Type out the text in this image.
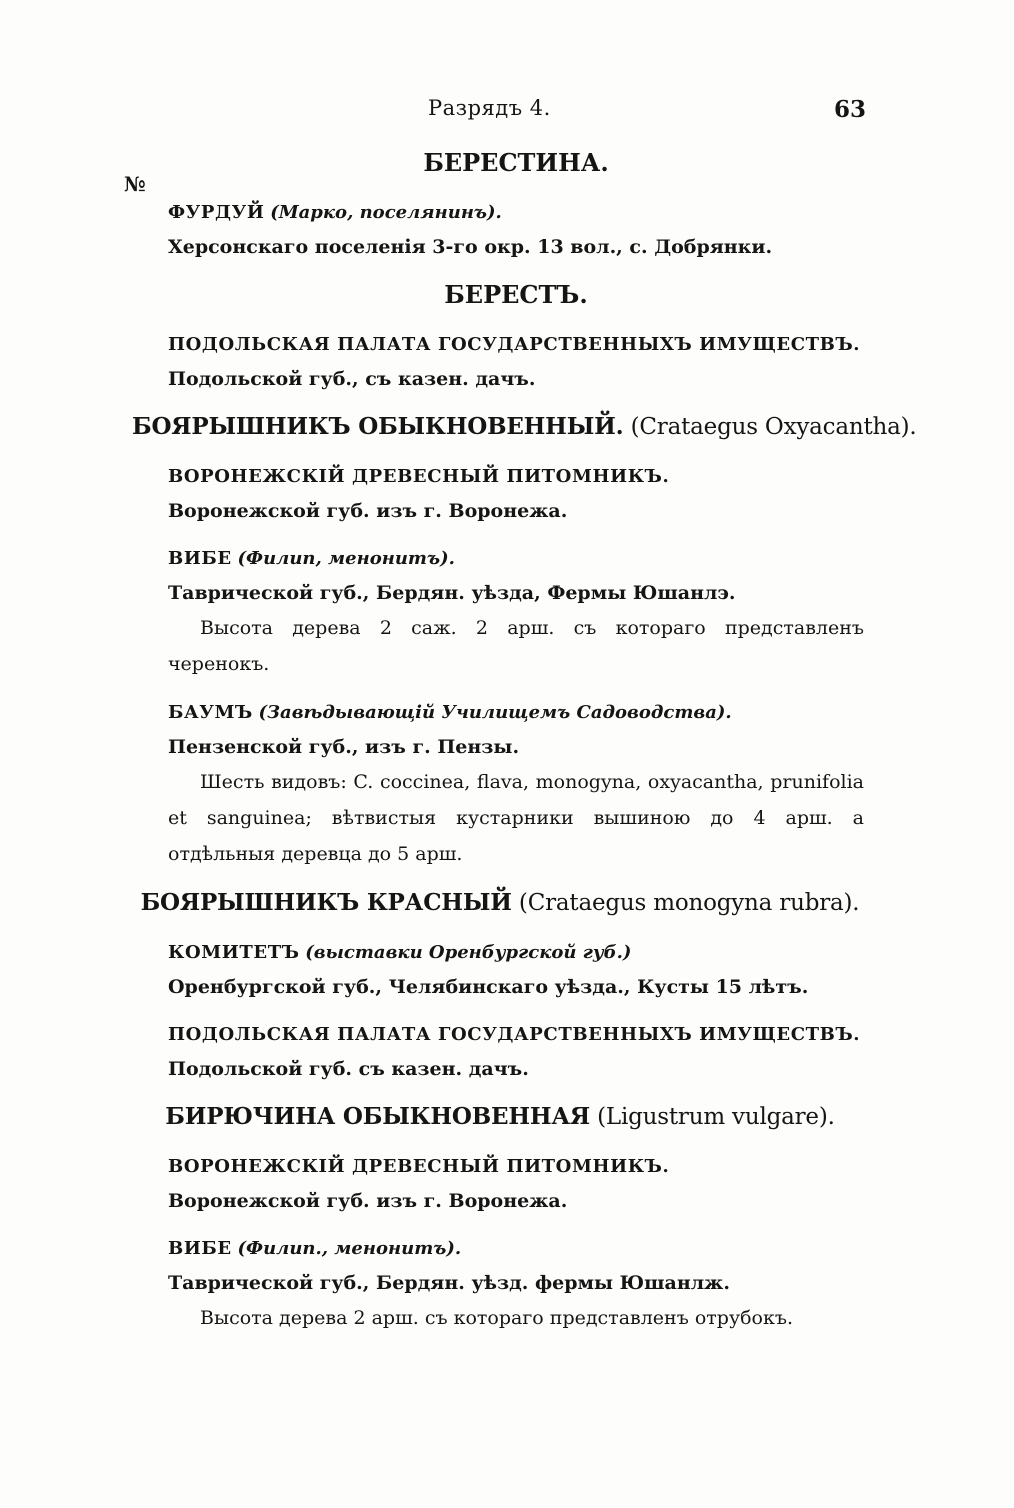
Разрядъ 4.	63
№
БЕРЕСТИНА.
ФУРДУЙ (Марко, поселянинъ).
Херсонскаго поселенія 3-го окр. 13 вол., с. Добрянки.
БЕРЕСТЪ.
ПОДОЛЬСКАЯ ПАЛАТА ГОСУДАРСТВЕННЫХЪ ИМУЩЕСТВЪ.
Подольской губ., съ казен. дачъ.
БОЯРЫШНИКЪ ОБЫКНОВЕННЫЙ. (Crataegus Oxyacantha).
ВОРОНЕЖСКІЙ ДРЕВЕСНЫЙ ПИТОМНИКЪ.
Воронежской губ. изъ г. Воронежа.
ВИБЕ (Филип, менонитъ).
Таврической губ., Бердян. уѣзда, Фермы Юшанлэ.
Высота дерева 2 саж. 2 арш. съ котораго представленъ черенокъ.
БАУМЪ (Завѣдывающій Училищемъ Садоводства).
Пензенской губ., изъ г. Пензы.
Шесть видовъ: C. coccinea, flava, monogyna, oxyacantha, prunifolia et sanguinea; вѣтвистыя кустарники вышиною до 4 арш. а отдѣльныя деревца до 5 арш.
БОЯРЫШНИКЪ КРАСНЫЙ (Crataegus monogyna rubra).
КОМИТЕТЪ (выставки Оренбургской губ.)
Оренбургской губ., Челябинскаго уѣзда., Кусты 15 лѣтъ.
ПОДОЛЬСКАЯ ПАЛАТА ГОСУДАРСТВЕННЫХЪ ИМУЩЕСТВЪ.
Подольской губ. съ казен. дачъ.
БИРЮЧИНА ОБЫКНОВЕННАЯ (Ligustrum vulgare).
ВОРОНЕЖСКІЙ ДРЕВЕСНЫЙ ПИТОМНИКЪ.
Воронежской губ. изъ г. Воронежа.
ВИБЕ (Филип., менонитъ).
Таврической губ., Бердян. уѣзд. фермы Юшанлж.
Высота дерева 2 арш. съ котораго представленъ отрубокъ.
